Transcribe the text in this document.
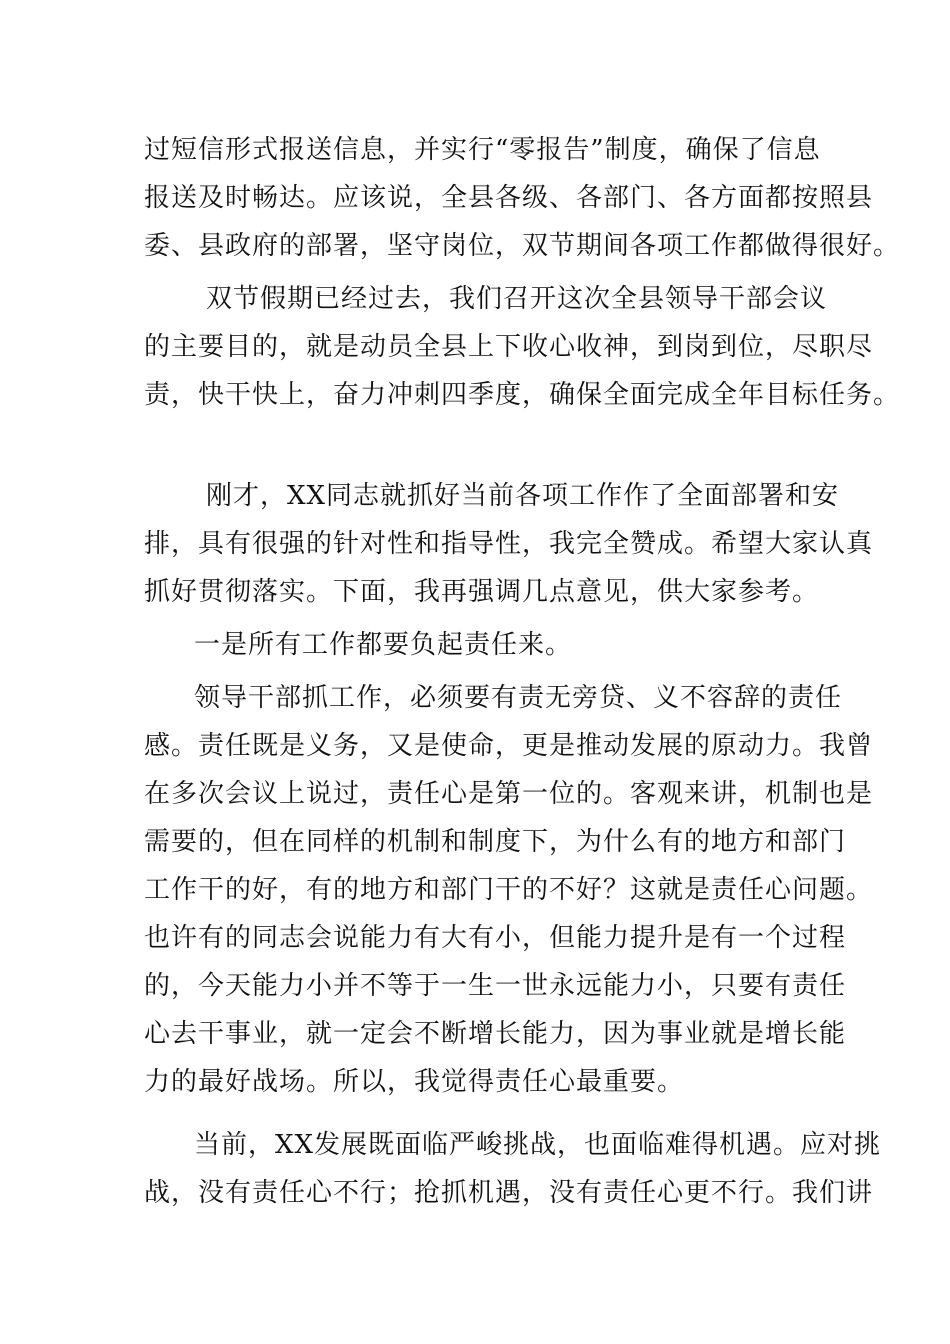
过短信形式报送信息，并实行“零报告”制度，确保了信息
报送及时畅达。应该说，全县各级、各部门、各方面都按照县
委、县政府的部署，坚守岗位，双节期间各项工作都做得很好。
双节假期已经过去，我们召开这次全县领导干部会议
的主要目的，就是动员全县上下收心收神，到岗到位，尽职尽
责，快干快上，奋力冲刺四季度，确保全面完成全年目标任务。
刚才，XX同志就抓好当前各项工作作了全面部署和安
排，具有很强的针对性和指导性，我完全赞成。希望大家认真
抓好贯彻落实。下面，我再强调几点意见，供大家参考。
一是所有工作都要负起责任来。
领导干部抓工作，必须要有责无旁贷、义不容辞的责任
感。责任既是义务，又是使命，更是推动发展的原动力。我曾
在多次会议上说过，责任心是第一位的。客观来讲，机制也是
需要的，但在同样的机制和制度下，为什么有的地方和部门
工作干的好，有的地方和部门干的不好？这就是责任心问题。
也许有的同志会说能力有大有小，但能力提升是有一个过程
的，今天能力小并不等于一生一世永远能力小，只要有责任
心去干事业，就一定会不断增长能力，因为事业就是增长能
力的最好战场。所以，我觉得责任心最重要。
当前，XX发展既面临严峻挑战，也面临难得机遇。应对挑
战，没有责任心不行；抢抓机遇，没有责任心更不行。我们讲
